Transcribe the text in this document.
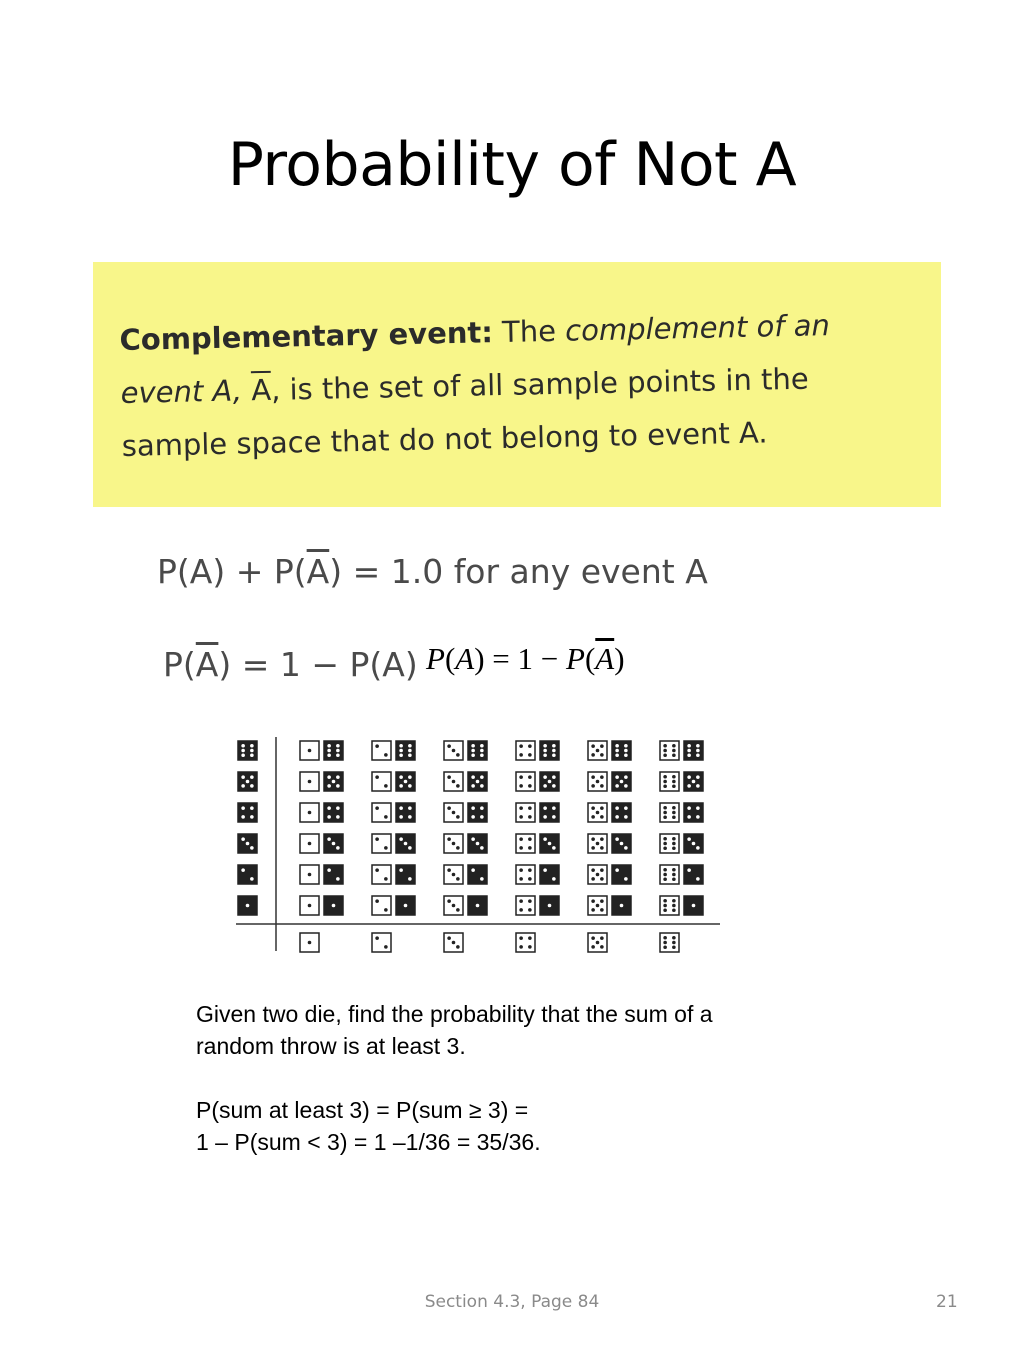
Probability of Not A
Complementary event: The complement of an event A, $\overline{A}$, is the set of all sample points in the sample space that do not belong to event A.
$P(A) + P(\overline{A}) = 1.0$ for any event A
$P(\overline{A}) = 1 - P(A) P(A) = 1 - P(\overline{A})$

Given two die, find the probability that the sum of a

random throw is at least 3.

P(sum at least 3) = P(sum ≥ 3) =

1 – P(sum < 3) = 1 –1/36 = 35/36.

Section 4.3, Page 84	21
